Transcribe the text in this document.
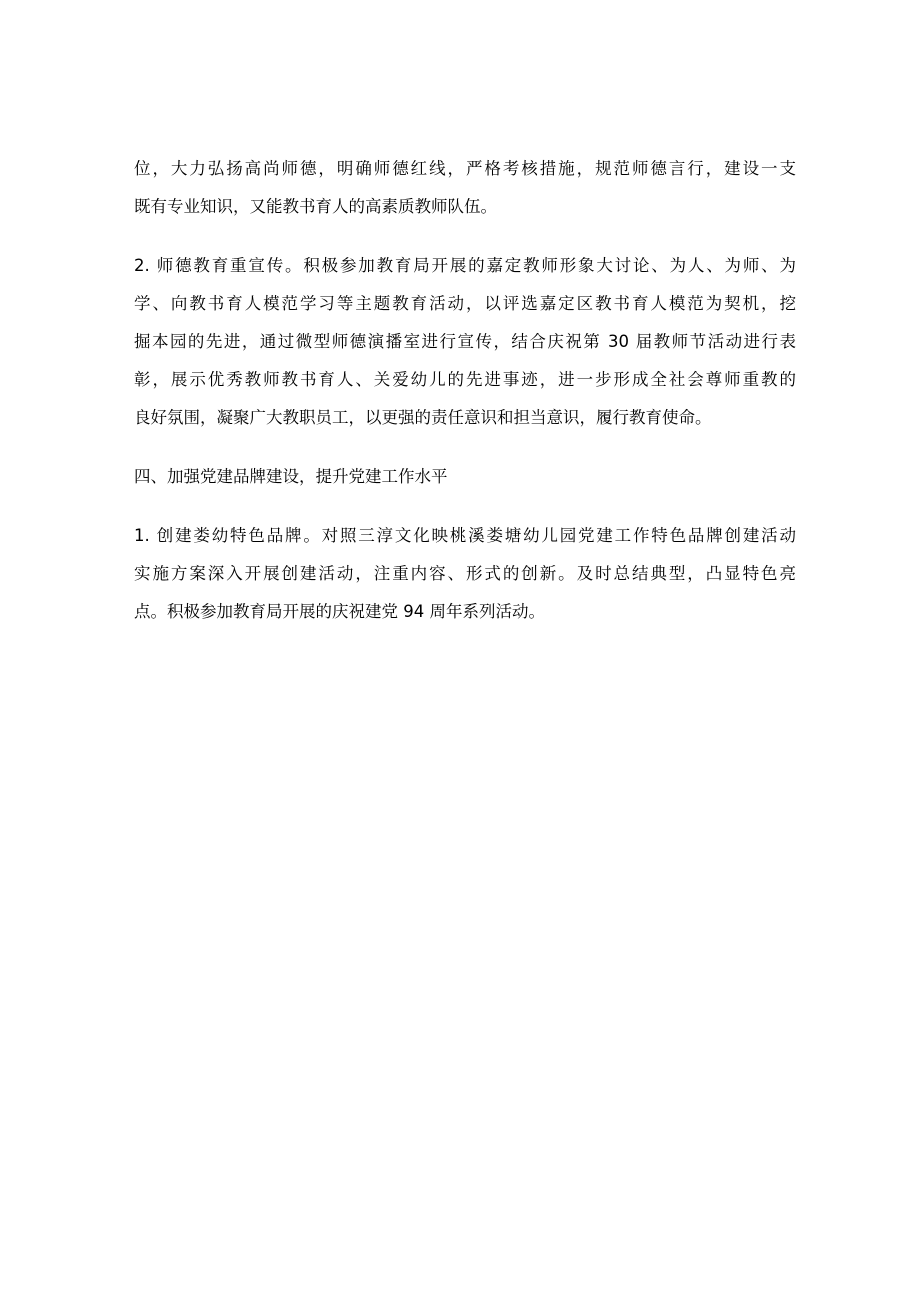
位，大力弘扬高尚师德，明确师德红线，严格考核措施，规范师德言行，建设一支
既有专业知识，又能教书育人的高素质教师队伍。
2. 师德教育重宣传。积极参加教育局开展的嘉定教师形象大讨论、为人、为师、为
学、向教书育人模范学习等主题教育活动，以评选嘉定区教书育人模范为契机，挖
掘本园的先进，通过微型师德演播室进行宣传，结合庆祝第 30 届教师节活动进行表
彰，展示优秀教师教书育人、关爱幼儿的先进事迹，进一步形成全社会尊师重教的
良好氛围，凝聚广大教职员工，以更强的责任意识和担当意识，履行教育使命。
四、加强党建品牌建设，提升党建工作水平
1. 创建娄幼特色品牌。对照三淳文化映桃溪娄塘幼儿园党建工作特色品牌创建活动
实施方案深入开展创建活动，注重内容、形式的创新。及时总结典型，凸显特色亮
点。积极参加教育局开展的庆祝建党 94 周年系列活动。
